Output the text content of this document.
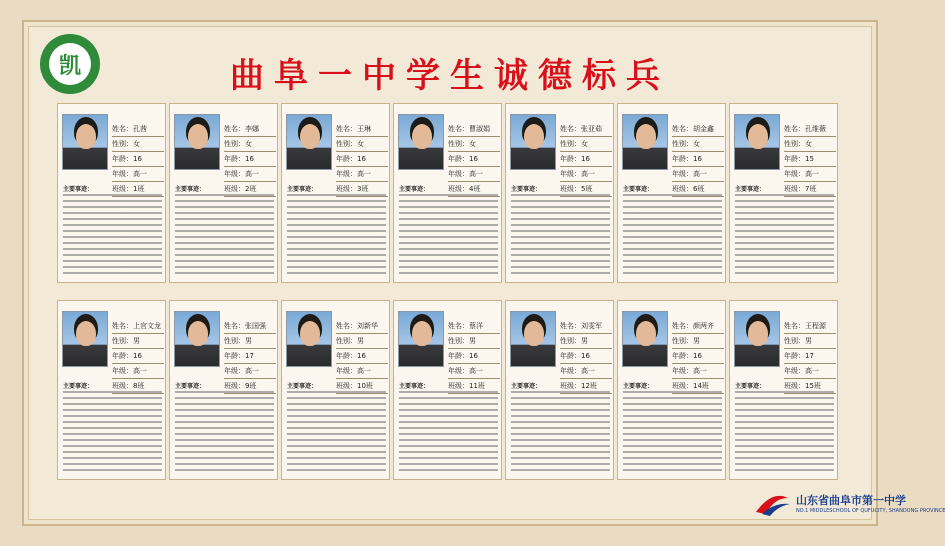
凯	曲阜一中学生诚德标兵
姓名：孔茜
性别：女
年龄：16
年级：高一
班级：1班
主要事迹：
姓名：李娜
性别：女
年龄：16
年级：高一
班级：2班
主要事迹：
姓名：王琳
性别：女
年龄：16
年级：高一
班级：3班
主要事迹：
姓名：曹淑娟
性别：女
年龄：16
年级：高一
班级：4班
主要事迹：
姓名：张亚茹
性别：女
年龄：16
年级：高一
班级：5班
主要事迹：
姓名：胡金鑫
性别：女
年龄：16
年级：高一
班级：6班
主要事迹：
姓名：孔维薇
性别：女
年龄：15
年级：高一
班级：7班
主要事迹：
姓名：上官文龙
性别：男
年龄：16
年级：高一
班级：8班
主要事迹：
姓名：张国强
性别：男
年龄：17
年级：高一
班级：9班
主要事迹：
姓名：刘新华
性别：男
年龄：16
年级：高一
班级：10班
主要事迹：
姓名：蔡洋
性别：男
年龄：16
年级：高一
班级：11班
主要事迹：
姓名：刘雯军
性别：男
年龄：16
年级：高一
班级：12班
主要事迹：
姓名：颜两齐
性别：男
年龄：16
年级：高一
班级：14班
主要事迹：
姓名：王程源
性别：男
年龄：17
年级：高一
班级：15班
主要事迹：
山东省曲阜市第一中学
NO.1 MIDDLESCHOOL OF QUFUCITY, SHANDONG PROVINCE
